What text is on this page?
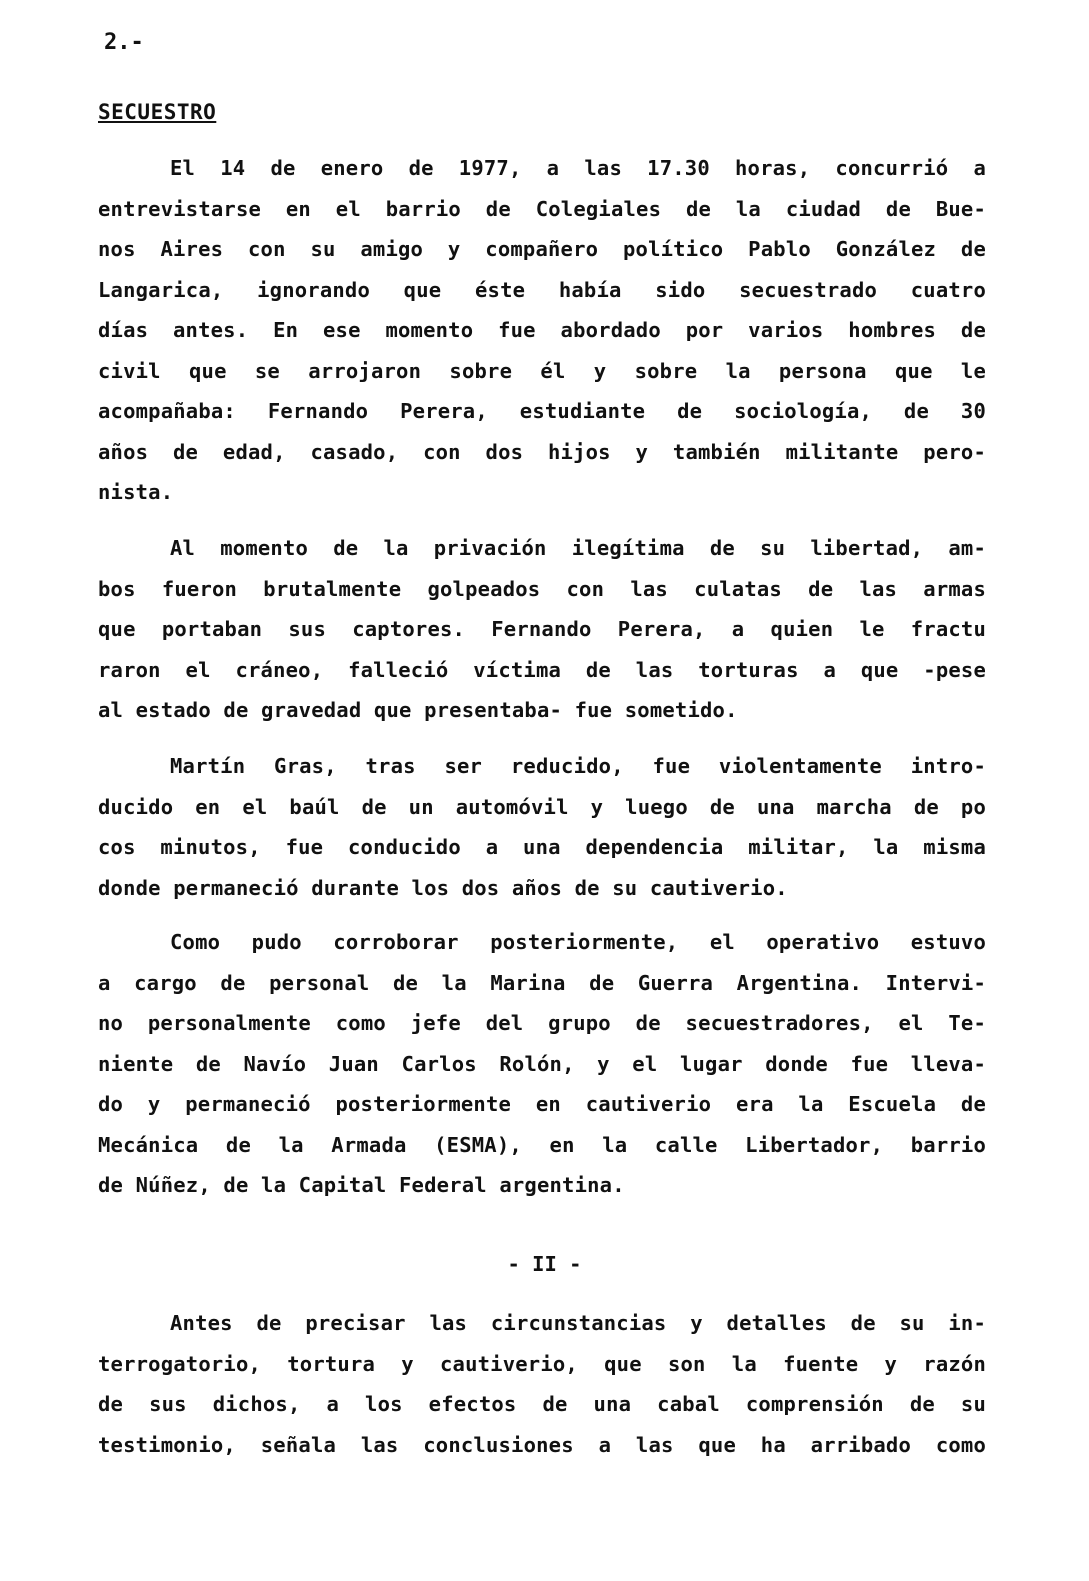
2.-
SECUESTRO
El 14 de enero de 1977, a las 17.30 horas, concurrió a
entrevistarse en el barrio de Colegiales de la ciudad de Bue-
nos Aires con su amigo y compañero político Pablo González de
Langarica, ignorando que éste había sido secuestrado cuatro
días antes. En ese momento fue abordado por varios hombres de
civil que se arrojaron sobre él y sobre la persona que le
acompañaba: Fernando Perera, estudiante de sociología, de 30
años de edad, casado, con dos hijos y también militante pero-
nista.
Al momento de la privación ilegítima de su libertad, am-
bos fueron brutalmente golpeados con las culatas de las armas
que portaban sus captores. Fernando Perera, a quien le fractu
raron el cráneo, falleció víctima de las torturas a que -pese
al estado de gravedad que presentaba- fue sometido.
Martín Gras, tras ser reducido, fue violentamente intro-
ducido en el baúl de un automóvil y luego de una marcha de po
cos minutos, fue conducido a una dependencia militar, la misma
donde permaneció durante los dos años de su cautiverio.
Como pudo corroborar posteriormente, el operativo estuvo
a cargo de personal de la Marina de Guerra Argentina. Intervi-
no personalmente como jefe del grupo de secuestradores, el Te-
niente de Navío Juan Carlos Rolón, y el lugar donde fue lleva-
do y permaneció posteriormente en cautiverio era la Escuela de
Mecánica de la Armada (ESMA), en la calle Libertador, barrio
de Núñez, de la Capital Federal argentina.
- II -
Antes de precisar las circunstancias y detalles de su in-
terrogatorio, tortura y cautiverio, que son la fuente y razón
de sus dichos, a los efectos de una cabal comprensión de su
testimonio, señala las conclusiones a las que ha arribado como
